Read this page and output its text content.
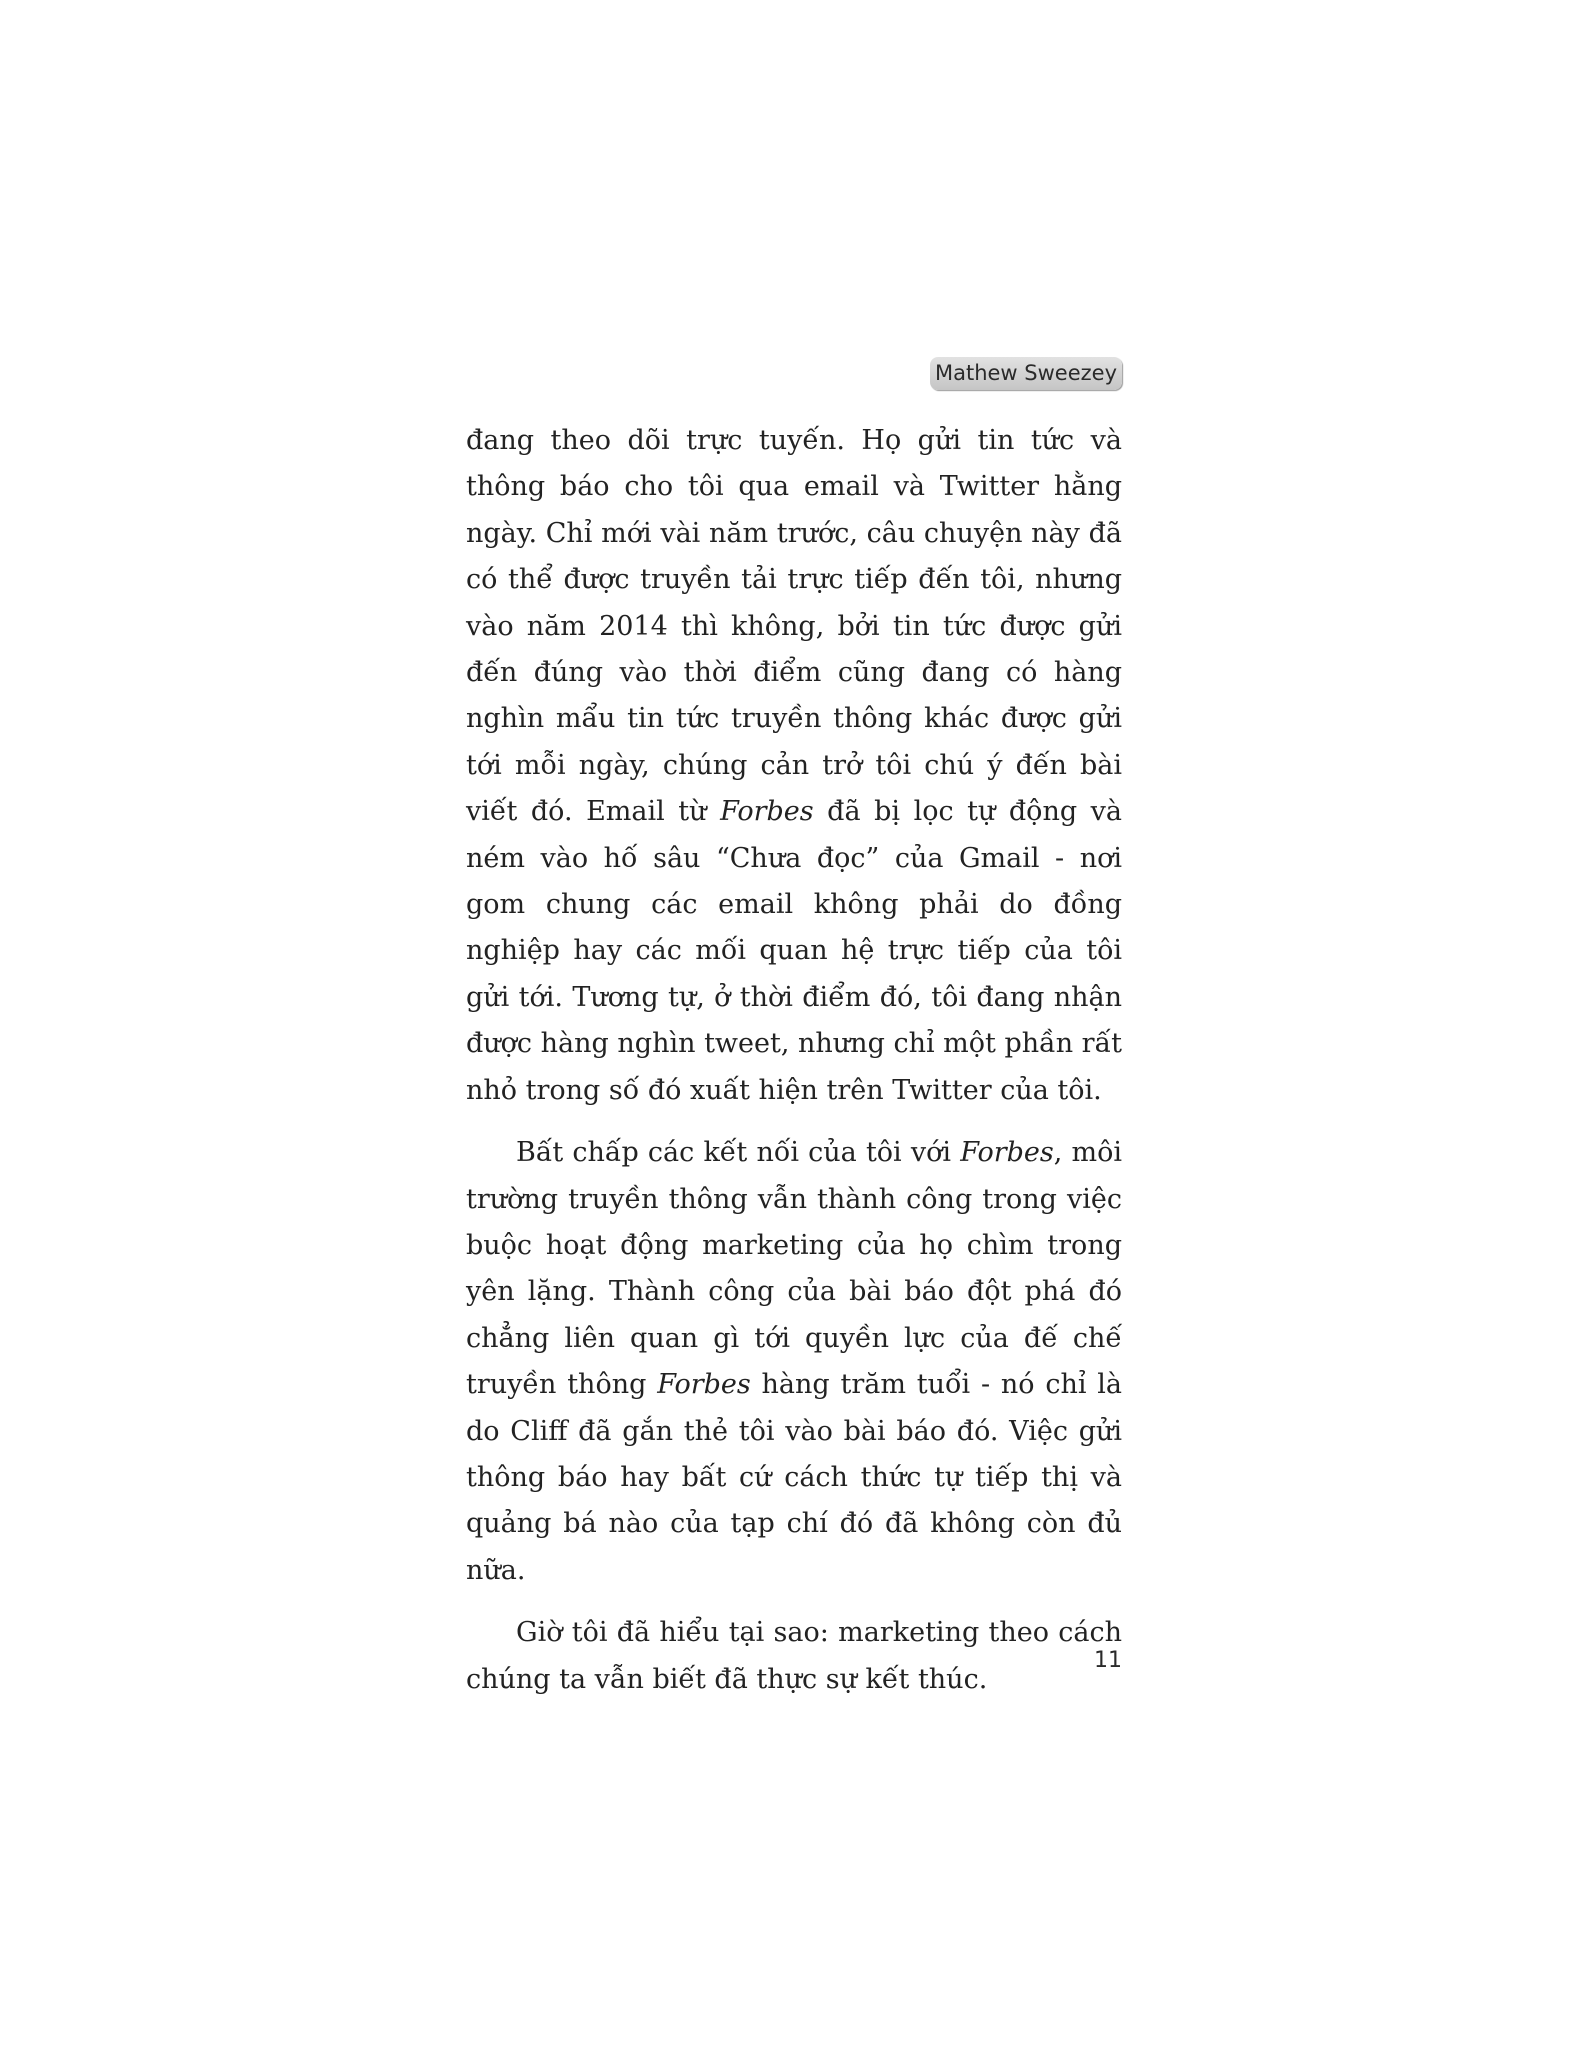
Mathew Sweezey

đang theo dõi trực tuyến. Họ gửi tin tức và thông báo cho tôi qua email và Twitter hằng ngày. Chỉ mới vài năm trước, câu chuyện này đã có thể được truyền tải trực tiếp đến tôi, nhưng vào năm 2014 thì không, bởi tin tức được gửi đến đúng vào thời điểm cũng đang có hàng nghìn mẩu tin tức truyền thông khác được gửi tới mỗi ngày, chúng cản trở tôi chú ý đến bài viết đó. Email từ Forbes đã bị lọc tự động và ném vào hố sâu “Chưa đọc” của Gmail - nơi gom chung các email không phải do đồng nghiệp hay các mối quan hệ trực tiếp của tôi gửi tới. Tương tự, ở thời điểm đó, tôi đang nhận được hàng nghìn tweet, nhưng chỉ một phần rất nhỏ trong số đó xuất hiện trên Twitter của tôi.

Bất chấp các kết nối của tôi với Forbes, môi trường truyền thông vẫn thành công trong việc buộc hoạt động marketing của họ chìm trong yên lặng. Thành công của bài báo đột phá đó chẳng liên quan gì tới quyền lực của đế chế truyền thông Forbes hàng trăm tuổi - nó chỉ là do Cliff đã gắn thẻ tôi vào bài báo đó. Việc gửi thông báo hay bất cứ cách thức tự tiếp thị và quảng bá nào của tạp chí đó đã không còn đủ nữa.

Giờ tôi đã hiểu tại sao: marketing theo cách chúng ta vẫn biết đã thực sự kết thúc.

11
